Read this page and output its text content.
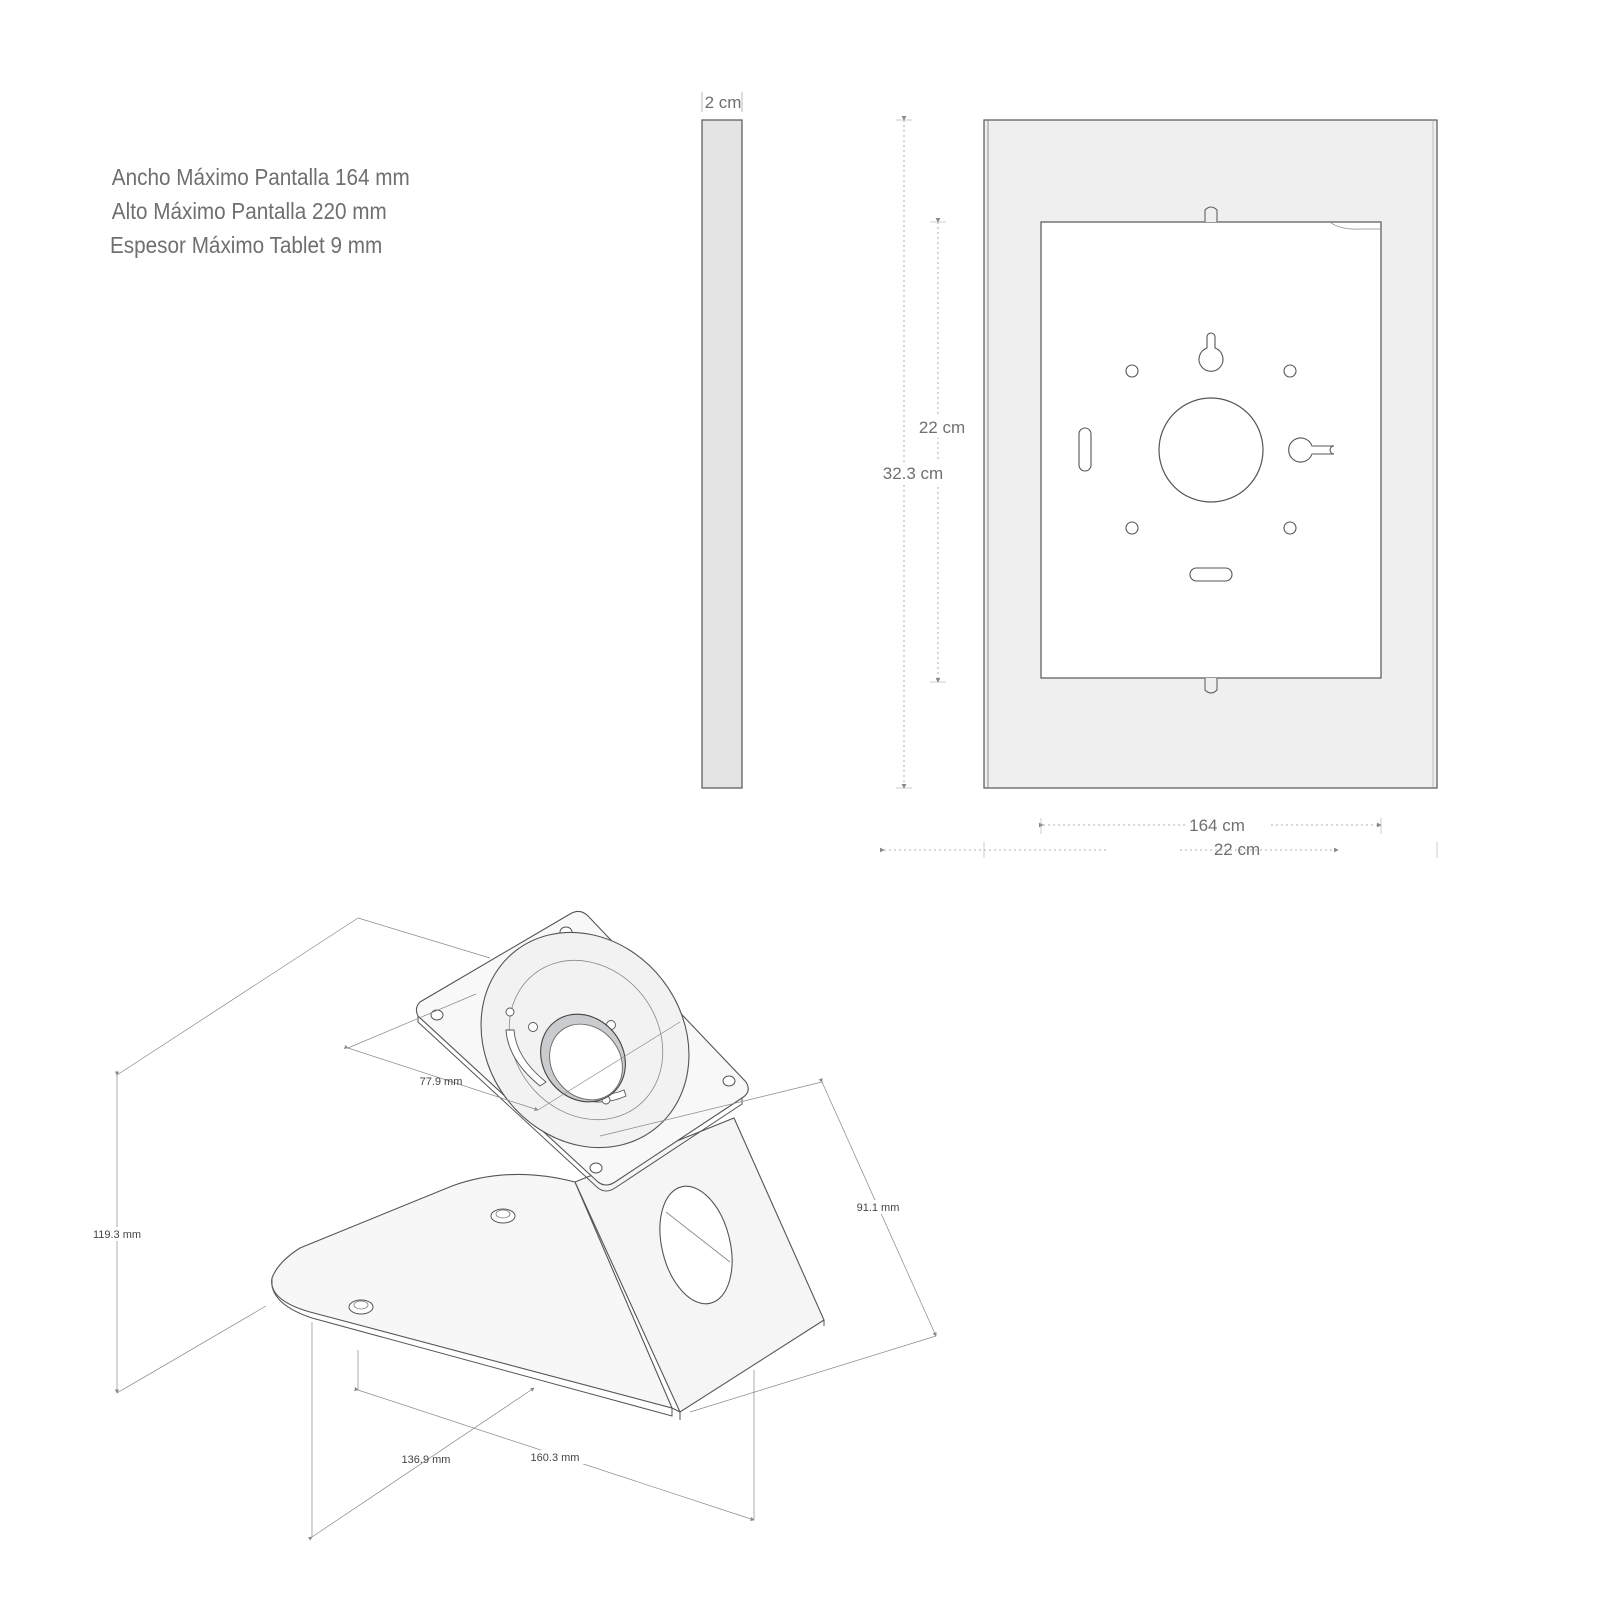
Ancho Máximo Pantalla 164 mm
Alto Máximo Pantalla 220 mm
Espesor Máximo Tablet 9 mm
2 cm
22 cm
32.3 cm
164 cm
22 cm
119.3 mm
77.9 mm
91.1 mm
136.9 mm	160.3 mm
